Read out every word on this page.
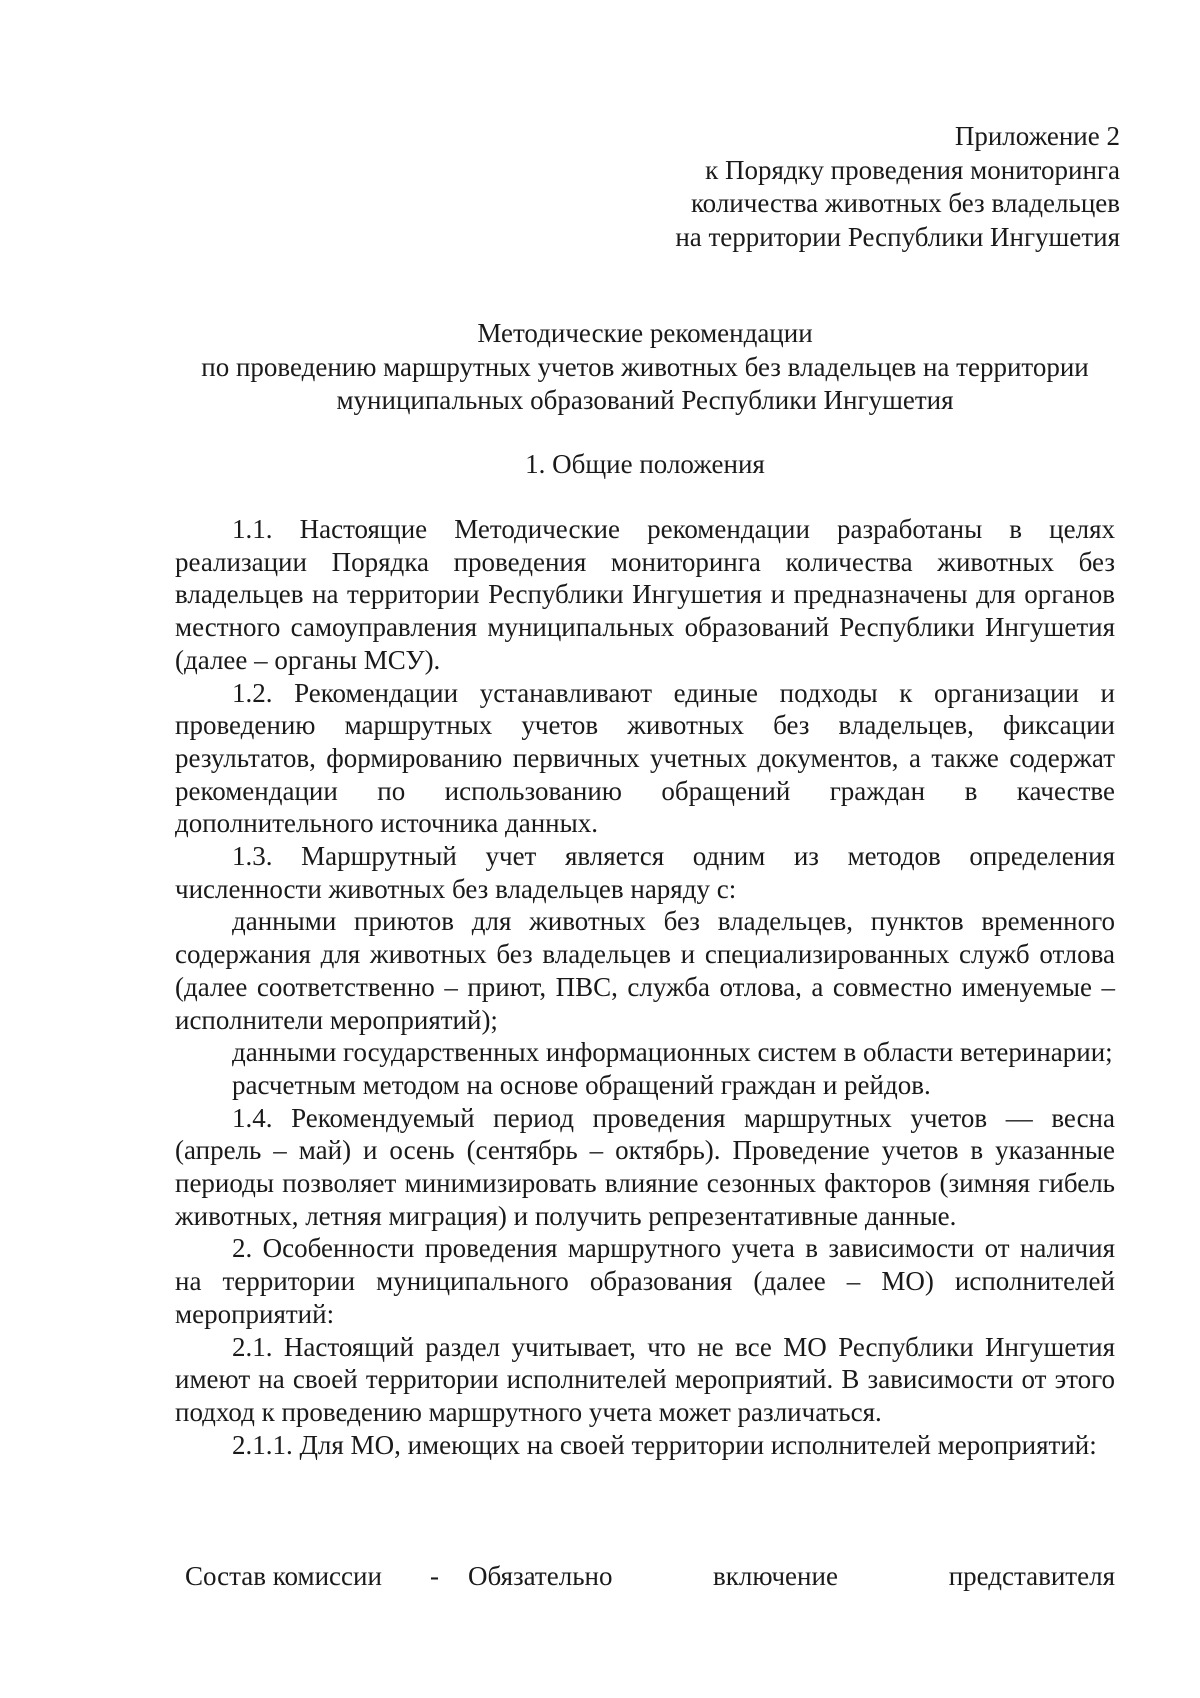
Приложение 2
к Порядку проведения мониторинга
количества животных без владельцев
на территории Республики Ингушетия
Методические рекомендации
по проведению маршрутных учетов животных без владельцев на территории
муниципальных образований Республики Ингушетия
1. Общие положения

1.1. Настоящие Методические рекомендации разработаны в целях реализации Порядка проведения мониторинга количества животных без владельцев на территории Республики Ингушетия и предназначены для органов местного самоуправления муниципальных образований Республики Ингушетия (далее – органы МСУ).

1.2. Рекомендации устанавливают единые подходы к организации и проведению маршрутных учетов животных без владельцев, фиксации результатов, формированию первичных учетных документов, а также содержат рекомендации по использованию обращений граждан в качестве дополнительного источника данных.

1.3. Маршрутный учет является одним из методов определения численности животных без владельцев наряду с:

данными приютов для животных без владельцев, пунктов временного содержания для животных без владельцев и специализированных служб отлова (далее соответственно – приют, ПВС, служба отлова, а совместно именуемые – исполнители мероприятий);

данными государственных информационных систем в области ветеринарии;

расчетным методом на основе обращений граждан и рейдов.

1.4. Рекомендуемый период проведения маршрутных учетов — весна (апрель – май) и осень (сентябрь – октябрь). Проведение учетов в указанные периоды позволяет минимизировать влияние сезонных факторов (зимняя гибель животных, летняя миграция) и получить репрезентативные данные.

2. Особенности проведения маршрутного учета в зависимости от наличия на территории муниципального образования (далее – МО) исполнителей мероприятий:

2.1. Настоящий раздел учитывает, что не все МО Республики Ингушетия имеют на своей территории исполнителей мероприятий. В зависимости от этого подход к проведению маршрутного учета может различаться.

2.1.1. Для МО, имеющих на своей территории исполнителей мероприятий:

Состав комиссии - Обязательно	включение	представителя
